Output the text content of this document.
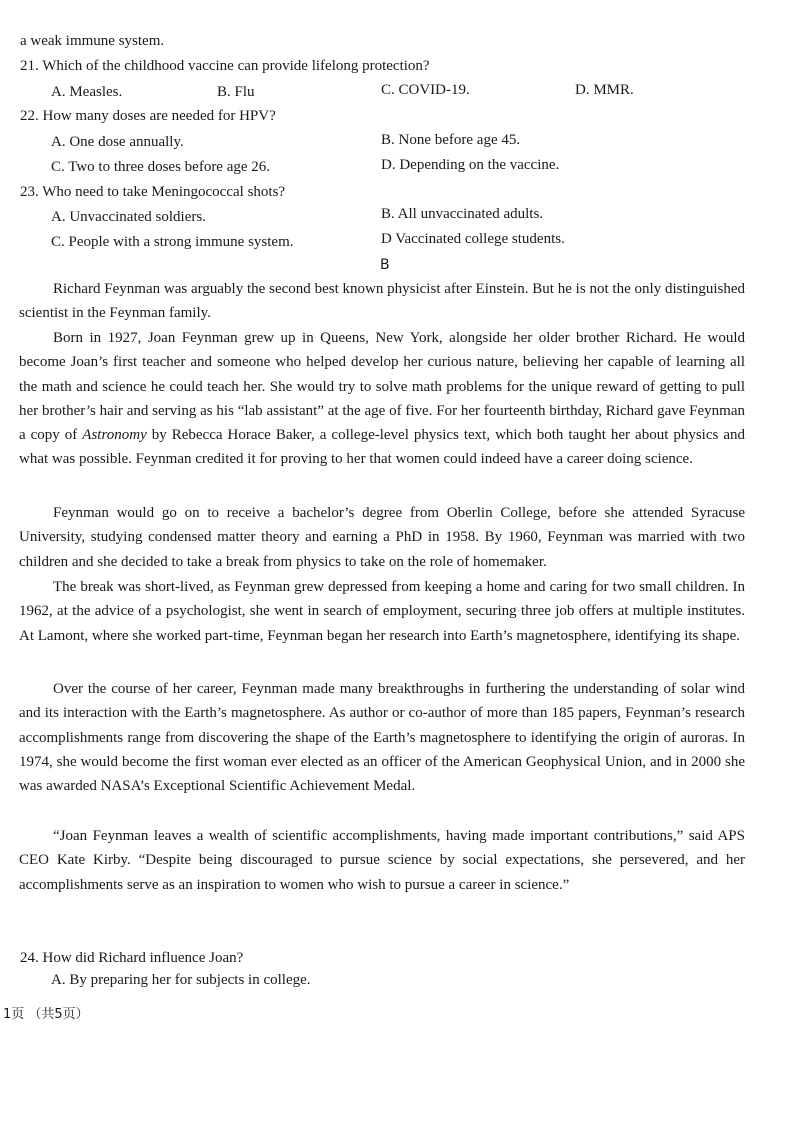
a weak immune system.
21. Which of the childhood vaccine can provide lifelong protection?
A. Measles.	B. Flu	C. COVID-19.	D. MMR.
22. How many doses are needed for HPV?
A. One dose annually.	B. None before age 45.
C. Two to three doses before age 26.	D. Depending on the vaccine.
23. Who need to take Meningococcal shots?
A. Unvaccinated soldiers.	B. All unvaccinated adults.
C. People with a strong immune system.	D Vaccinated college students.
B
Richard Feynman was arguably the second best known physicist after Einstein. But he is not the only distinguished scientist in the Feynman family.
Born in 1927, Joan Feynman grew up in Queens, New York, alongside her older brother Richard. He would become Joan’s first teacher and someone who helped develop her curious nature, believing her capable of learning all the math and science he could teach her. She would try to solve math problems for the unique reward of getting to pull her brother’s hair and serving as his “lab assistant” at the age of five. For her fourteenth birthday, Richard gave Feynman a copy of Astronomy by Rebecca Horace Baker, a college-level physics text, which both taught her about physics and what was possible. Feynman credited it for proving to her that women could indeed have a career doing science.
Feynman would go on to receive a bachelor’s degree from Oberlin College, before she attended Syracuse University, studying condensed matter theory and earning a PhD in 1958. By 1960, Feynman was married with two children and she decided to take a break from physics to take on the role of homemaker.
The break was short-lived, as Feynman grew depressed from keeping a home and caring for two small children. In 1962, at the advice of a psychologist, she went in search of employment, securing three job offers at multiple institutes. At Lamont, where she worked part-time, Feynman began her research into Earth’s magnetosphere, identifying its shape.
Over the course of her career, Feynman made many breakthroughs in furthering the understanding of solar wind and its interaction with the Earth’s magnetosphere. As author or co-author of more than 185 papers, Feynman’s research accomplishments range from discovering the shape of the Earth’s magnetosphere to identifying the origin of auroras. In 1974, she would become the first woman ever elected as an officer of the American Geophysical Union, and in 2000 she was awarded NASA’s Exceptional Scientific Achievement Medal.
“Joan Feynman leaves a wealth of scientific accomplishments, having made important contributions,” said APS CEO Kate Kirby. “Despite being discouraged to pursue science by social expectations, she persevered, and her accomplishments serve as an inspiration to women who wish to pursue a career in science.”
24. How did Richard influence Joan?
A. By preparing her for subjects in college.
1页 （共5页）
